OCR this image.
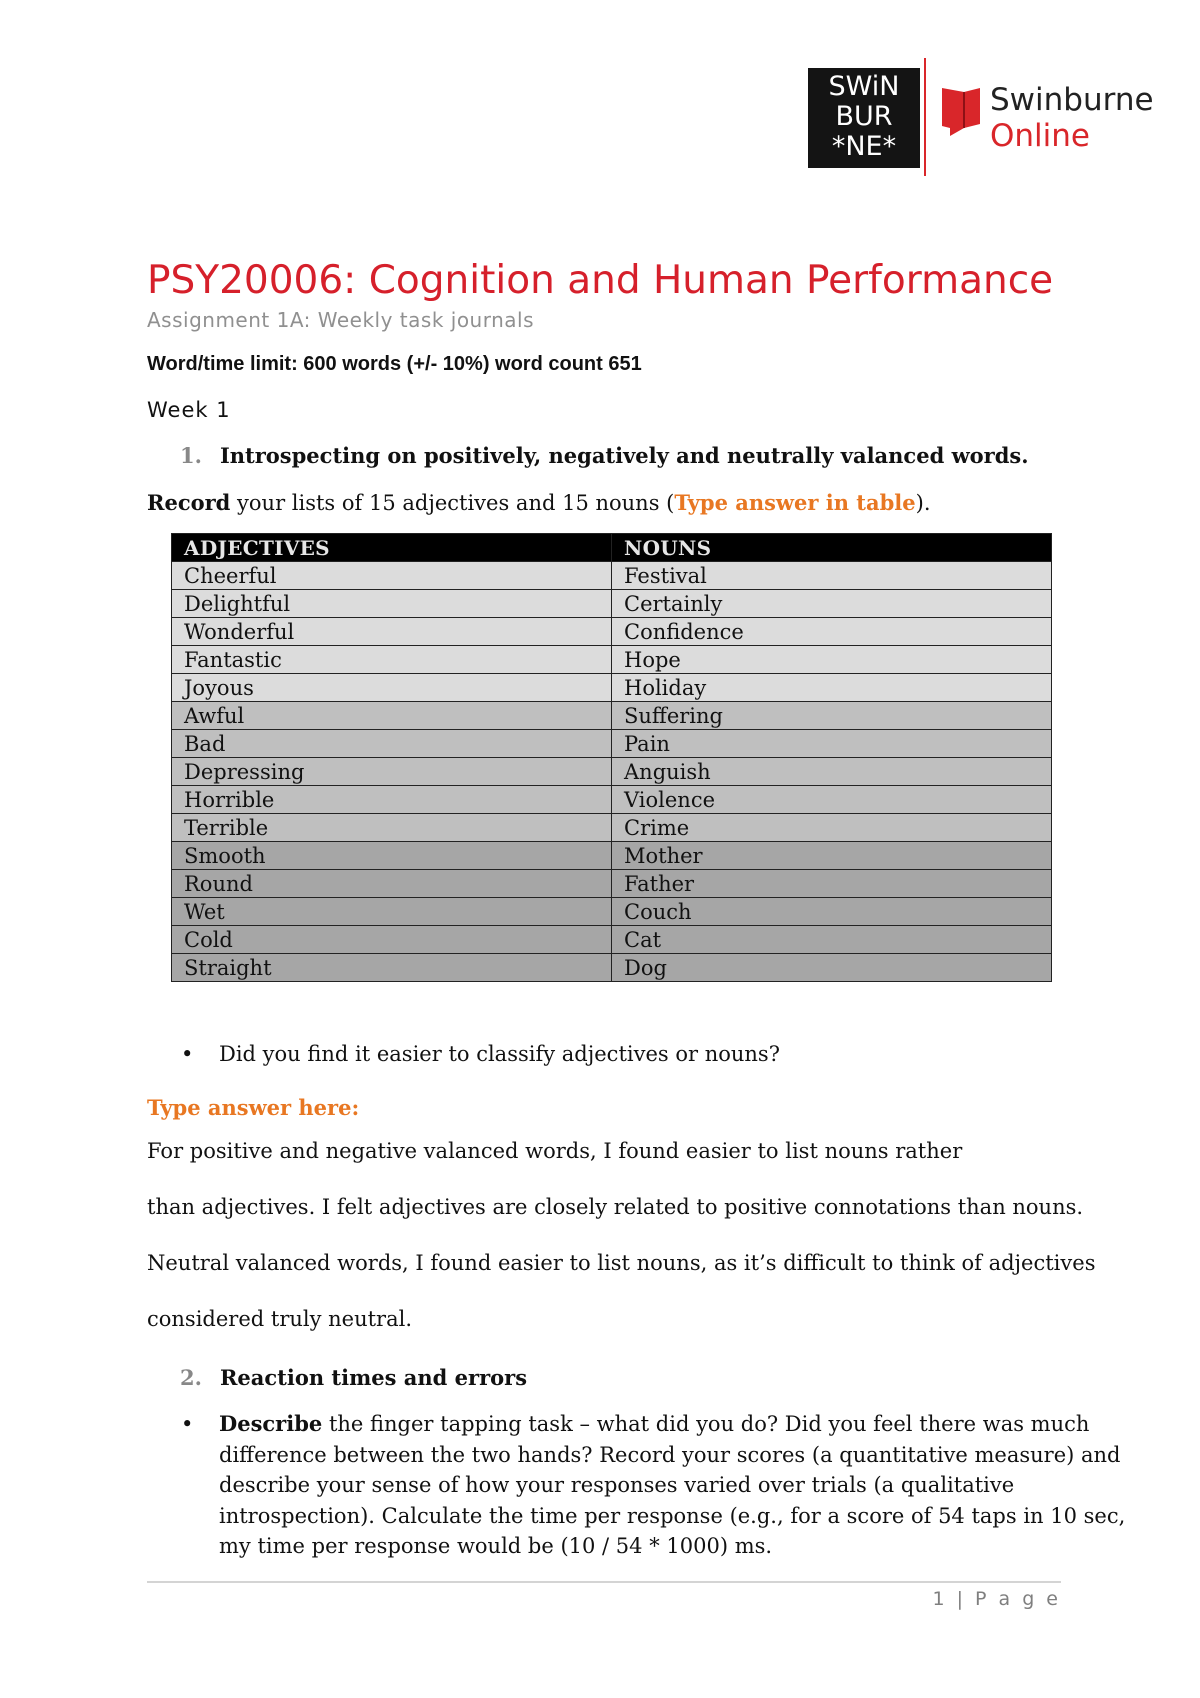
SWiN
BUR
*NE*
Swinburne
Online
PSY20006: Cognition and Human Performance
Assignment 1A: Weekly task journals
Word/time limit: 600 words (+/- 10%) word count 651
Week 1
1. Introspecting on positively, negatively and neutrally valanced words.
Record your lists of 15 adjectives and 15 nouns (Type answer in table).
ADJECTIVES	NOUNS
Cheerful	Festival
Delightful	Certainly
Wonderful	Confidence
Fantastic	Hope
Joyous	Holiday
Awful	Suffering
Bad	Pain
Depressing	Anguish
Horrible	Violence
Terrible	Crime
Smooth	Mother
Round	Father
Wet	Couch
Cold	Cat
Straight	Dog
• Did you find it easier to classify adjectives or nouns?
Type answer here:
For positive and negative valanced words, I found easier to list nouns rather
than adjectives. I felt adjectives are closely related to positive connotations than nouns.
Neutral valanced words, I found easier to list nouns, as it’s difficult to think of adjectives
considered truly neutral.
2. Reaction times and errors
• Describe the finger tapping task – what did you do? Did you feel there was much
difference between the two hands? Record your scores (a quantitative measure) and
describe your sense of how your responses varied over trials (a qualitative
introspection). Calculate the time per response (e.g., for a score of 54 taps in 10 sec,
my time per response would be (10 / 54 * 1000) ms.
1 | P a g e
